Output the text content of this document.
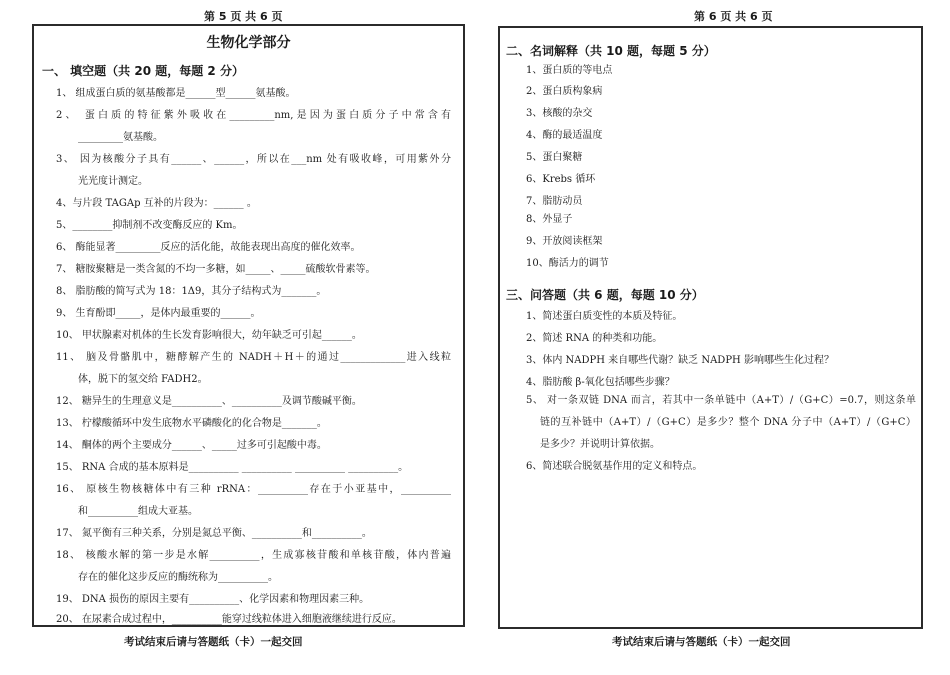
第 5 页 共 6 页
生物化学部分
一、 填空题（共 20 题，每题 2 分）
1、 组成蛋白质的氨基酸都是______型______氨基酸。
2、 蛋白质的特征紫外吸收在_________nm,是因为蛋白质分子中常含有
_________氨基酸。
3、 因为核酸分子具有______、______，所以在___nm 处有吸收峰，可用紫外分
光光度计测定。
4、与片段 TAGAp 互补的片段为：______ 。
5、________抑制剂不改变酶反应的 Km。
6、 酶能显著_________反应的活化能，故能表现出高度的催化效率。
7、 糖胺聚糖是一类含氮的不均一多糖，如_____、_____硫酸软骨素等。
8、 脂肪酸的简写式为 18：1Δ9，其分子结构式为_______。
9、 生育酚即_____，是体内最重要的______。
10、 甲状腺素对机体的生长发育影响很大，幼年缺乏可引起______。
11、 脑及骨骼肌中，糖酵解产生的 NADH＋H＋的通过_____________进入线粒
体，脱下的氢交给 FADH2。
12、 糖异生的生理意义是__________、__________及调节酸碱平衡。
13、 柠檬酸循环中发生底物水平磷酸化的化合物是_______。
14、 酮体的两个主要成分______、_____过多可引起酸中毒。
15、 RNA 合成的基本原料是__________ __________ __________ __________。
16、 原核生物核糖体中有三种 rRNA：__________存在于小亚基中，__________
和__________组成大亚基。
17、 氮平衡有三种关系，分别是氮总平衡、__________和__________。
18、 核酸水解的第一步是水解__________，生成寡核苷酸和单核苷酸，体内普遍
存在的催化这步反应的酶统称为__________。
19、 DNA 损伤的原因主要有__________、化学因素和物理因素三种。
20、 在尿素合成过程中，__________能穿过线粒体进入细胞液继续进行反应。
考试结束后请与答题纸（卡）一起交回
第 6 页 共 6 页
二、名词解释（共 10 题，每题 5 分）
1、蛋白质的等电点
2、蛋白质构象病
3、核酸的杂交
4、酶的最适温度
5、蛋白聚糖
6、Krebs 循环
7、脂肪动员
8、外显子
9、开放阅读框架
10、酶活力的调节
三、问答题（共 6 题，每题 10 分）
1、简述蛋白质变性的本质及特征。
2、简述 RNA 的种类和功能。
3、体内 NADPH 来自哪些代谢？缺乏 NADPH 影响哪些生化过程？
4、脂肪酸 β-氧化包括哪些步骤？
5、 对一条双链 DNA 而言，若其中一条单链中（A+T）/（G+C）=0.7，则这条单
链的互补链中（A+T）/（G+C）是多少？整个 DNA 分子中（A+T）/（G+C）
是多少？并说明计算依据。
6、简述联合脱氨基作用的定义和特点。
考试结束后请与答题纸（卡）一起交回
